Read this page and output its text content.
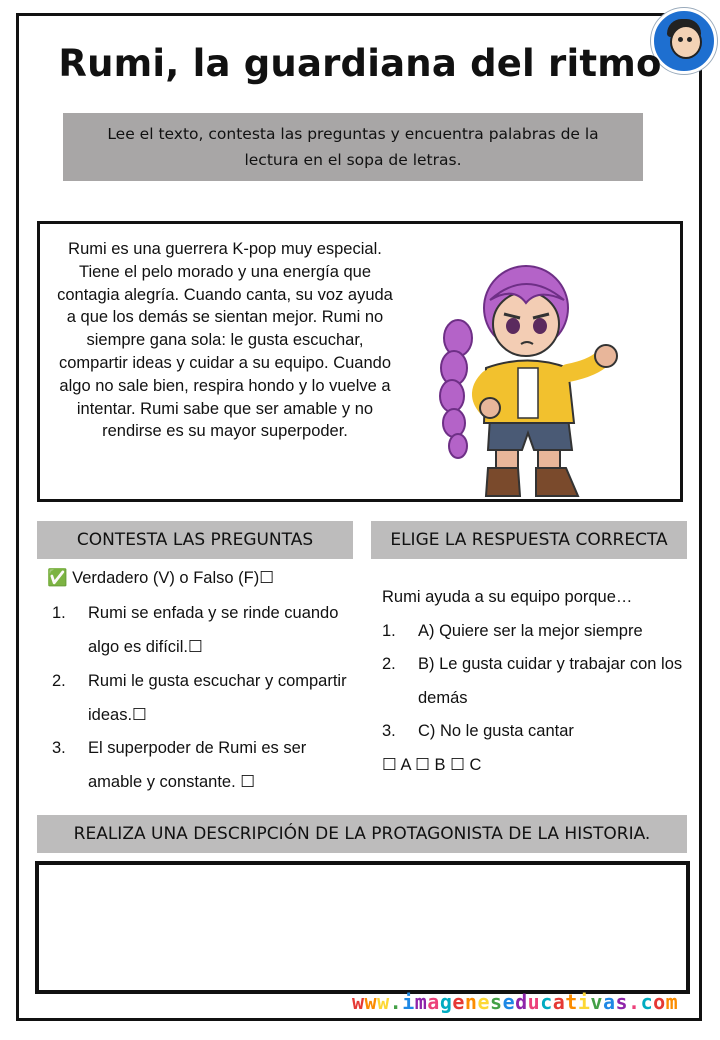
Rumi, la guardiana del ritmo
Lee el texto, contesta las preguntas y encuentra palabras de la lectura en el sopa de letras.
Rumi es una guerrera K-pop muy especial. Tiene el pelo morado y una energía que contagia alegría. Cuando canta, su voz ayuda a que los demás se sientan mejor. Rumi no siempre gana sola: le gusta escuchar, compartir ideas y cuidar a su equipo. Cuando algo no sale bien, respira hondo y lo vuelve a intentar. Rumi sabe que ser amable y no rendirse es su mayor superpoder.
CONTESTA LAS PREGUNTAS	ELIGE LA RESPUESTA CORRECTA
✅ Verdadero (V) o Falso (F)☐
1. Rumi se enfada y se rinde cuando algo es difícil.☐
2. Rumi le gusta escuchar y compartir ideas.☐
3. El superpoder de Rumi es ser amable y constante. ☐
Rumi ayuda a su equipo porque…
1. A) Quiere ser la mejor siempre
2. B) Le gusta cuidar y trabajar con los demás
3. C) No le gusta cantar
☐ A ☐ B ☐ C
REALIZA UNA DESCRIPCIÓN DE LA PROTAGONISTA DE LA HISTORIA.
www.imageneseducativas.com
